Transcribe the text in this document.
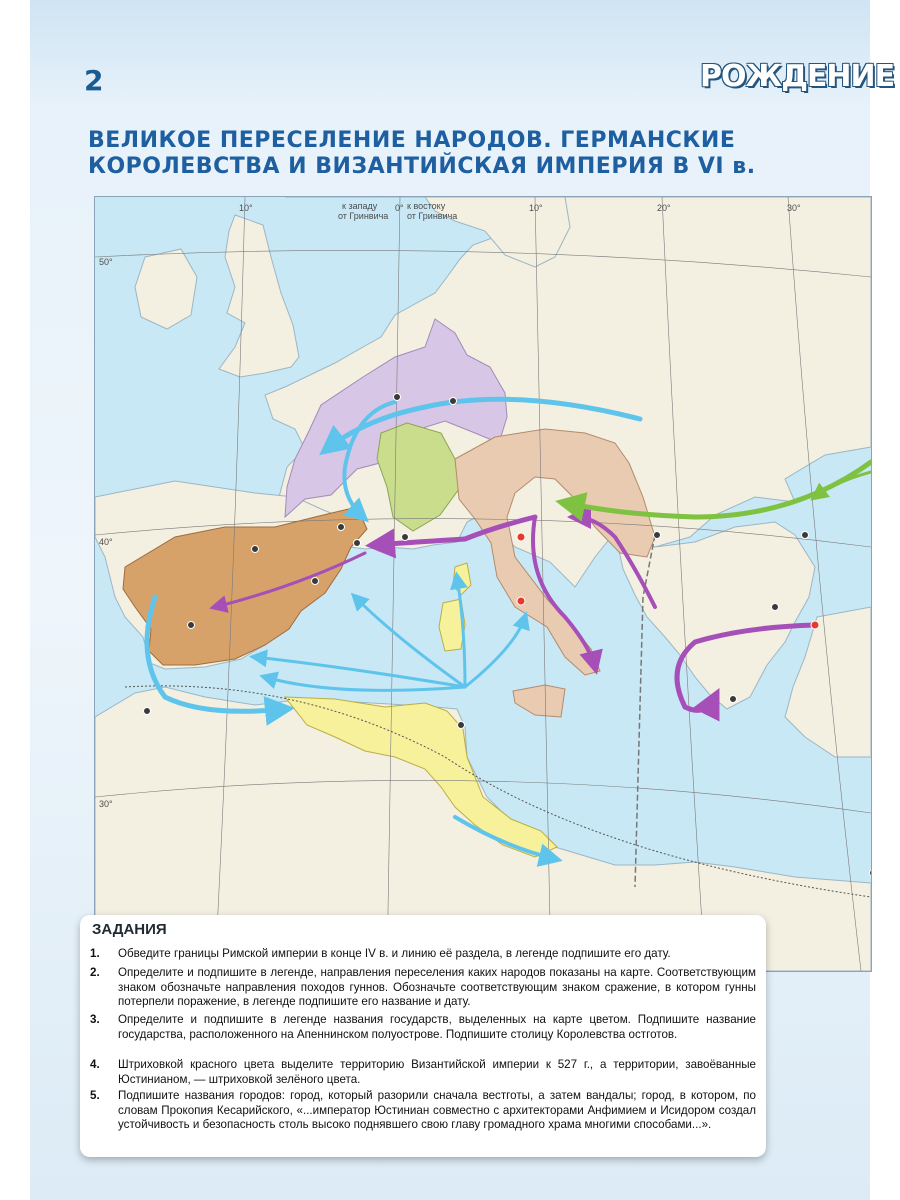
2	РОЖДЕНИЕ
ВЕЛИКОЕ ПЕРЕСЕЛЕНИЕ НАРОДОВ. ГЕРМАНСКИЕ
КОРОЛЕВСТВА И ВИЗАНТИЙСКАЯ ИМПЕРИЯ В VI в.
10°	0°	10°	20°	30°
к западу
от Гринвича
к востоку
от Гринвича
50°
40°
30°
ЗАДАНИЯ
1. Обведите границы Римской империи в конце IV в. и линию её раздела, в легенде подпишите его дату.
2. Определите и подпишите в легенде, направления переселения каких народов показаны на карте. Соответствующим знаком обозначьте направления походов гуннов. Обозначьте соответствующим знаком сражение, в котором гунны потерпели поражение, в легенде подпишите его название и дату.
3. Определите и подпишите в легенде названия государств, выделенных на карте цветом. Подпишите название государства, расположенного на Апеннинском полуострове. Подпишите столицу Королевства остготов.
4. Штриховкой красного цвета выделите территорию Византийской империи к 527 г., а территории, завоёванные Юстинианом, — штриховкой зелёного цвета.
5. Подпишите названия городов: город, который разорили сначала вестготы, а затем вандалы; город, в котором, по словам Прокопия Кесарийского, «...император Юстиниан совместно с архитекторами Анфимием и Исидором создал устойчивость и безопасность столь высоко поднявшего свою главу громадного храма многими способами...».
